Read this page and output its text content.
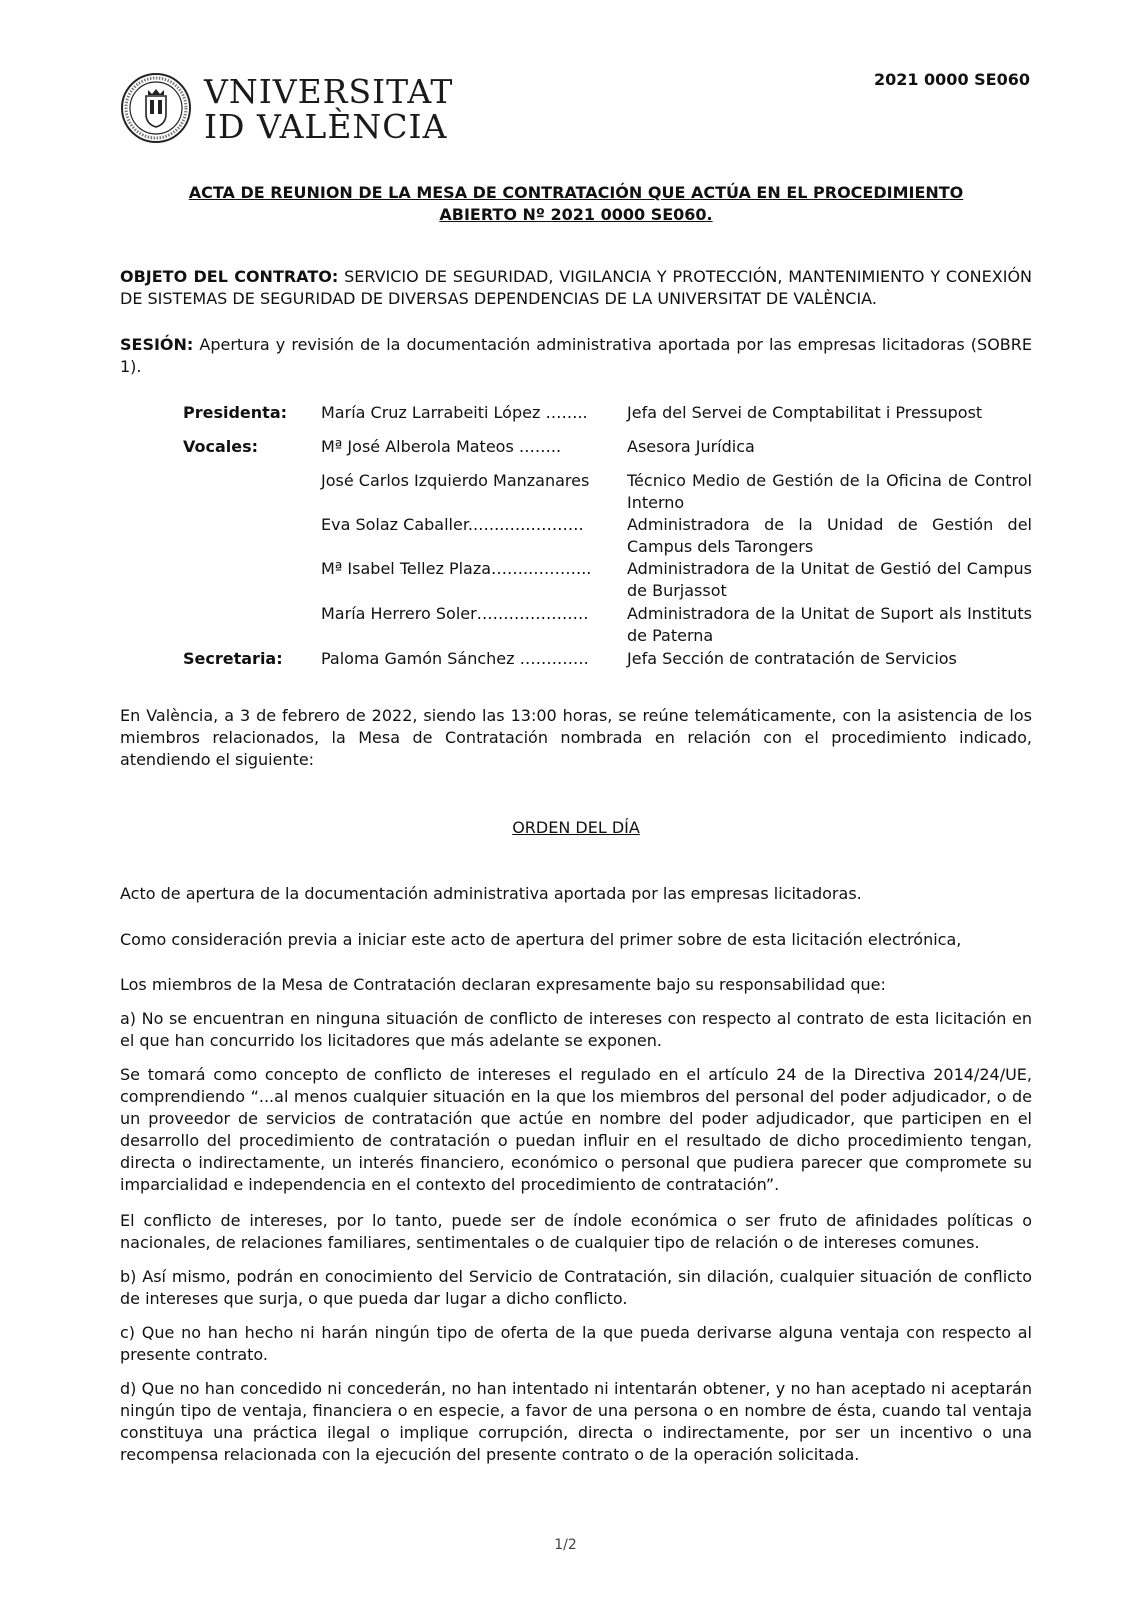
VNIVERSITAT
ID VALÈNCIA
2021 0000 SE060
ACTA DE REUNION DE LA MESA DE CONTRATACIÓN QUE ACTÚA EN EL PROCEDIMIENTO
ABIERTO Nº 2021 0000 SE060.
OBJETO DEL CONTRATO: SERVICIO DE SEGURIDAD, VIGILANCIA Y PROTECCIÓN, MANTENIMIENTO Y CONEXIÓN DE SISTEMAS DE SEGURIDAD DE DIVERSAS DEPENDENCIAS DE LA UNIVERSITAT DE VALÈNCIA.
SESIÓN: Apertura y revisión de la documentación administrativa aportada por las empresas licitadoras (SOBRE 1).
Presidenta: María Cruz Larrabeiti López ……..	Jefa del Servei de Comptabilitat i Pressupost
Vocales:	Mª José Alberola Mateos ……..	Asesora Jurídica
José Carlos Izquierdo Manzanares	Técnico Medio de Gestión de la Oficina de Control Interno
Eva Solaz Caballer..…..…..……….	Administradora de la Unidad de Gestión del Campus dels Tarongers
Mª Isabel Tellez Plaza……..………..	Administradora de la Unitat de Gestió del Campus de Burjassot
María Herrero Soler…………………	Administradora de la Unitat de Suport als Instituts de Paterna
Secretaria: Paloma Gamón Sánchez ………….	Jefa Sección de contratación de Servicios
En València, a 3 de febrero de 2022, siendo las 13:00 horas, se reúne telemáticamente, con la asistencia de los miembros relacionados, la Mesa de Contratación nombrada en relación con el procedimiento indicado, atendiendo el siguiente:
ORDEN DEL DÍA
Acto de apertura de la documentación administrativa aportada por las empresas licitadoras.
Como consideración previa a iniciar este acto de apertura del primer sobre de esta licitación electrónica,
Los miembros de la Mesa de Contratación declaran expresamente bajo su responsabilidad que:
a) No se encuentran en ninguna situación de conflicto de intereses con respecto al contrato de esta licitación en el que han concurrido los licitadores que más adelante se exponen.
Se tomará como concepto de conflicto de intereses el regulado en el artículo 24 de la Directiva 2014/24/UE, comprendiendo “...al menos cualquier situación en la que los miembros del personal del poder adjudicador, o de un proveedor de servicios de contratación que actúe en nombre del poder adjudicador, que participen en el desarrollo del procedimiento de contratación o puedan influir en el resultado de dicho procedimiento tengan, directa o indirectamente, un interés financiero, económico o personal que pudiera parecer que compromete su imparcialidad e independencia en el contexto del procedimiento de contratación”.
El conflicto de intereses, por lo tanto, puede ser de índole económica o ser fruto de afinidades políticas o nacionales, de relaciones familiares, sentimentales o de cualquier tipo de relación o de intereses comunes.
b) Así mismo, podrán en conocimiento del Servicio de Contratación, sin dilación, cualquier situación de conflicto de intereses que surja, o que pueda dar lugar a dicho conflicto.
c) Que no han hecho ni harán ningún tipo de oferta de la que pueda derivarse alguna ventaja con respecto al presente contrato.
d) Que no han concedido ni concederán, no han intentado ni intentarán obtener, y no han aceptado ni aceptarán ningún tipo de ventaja, financiera o en especie, a favor de una persona o en nombre de ésta, cuando tal ventaja constituya una práctica ilegal o implique corrupción, directa o indirectamente, por ser un incentivo o una recompensa relacionada con la ejecución del presente contrato o de la operación solicitada.
1/2
